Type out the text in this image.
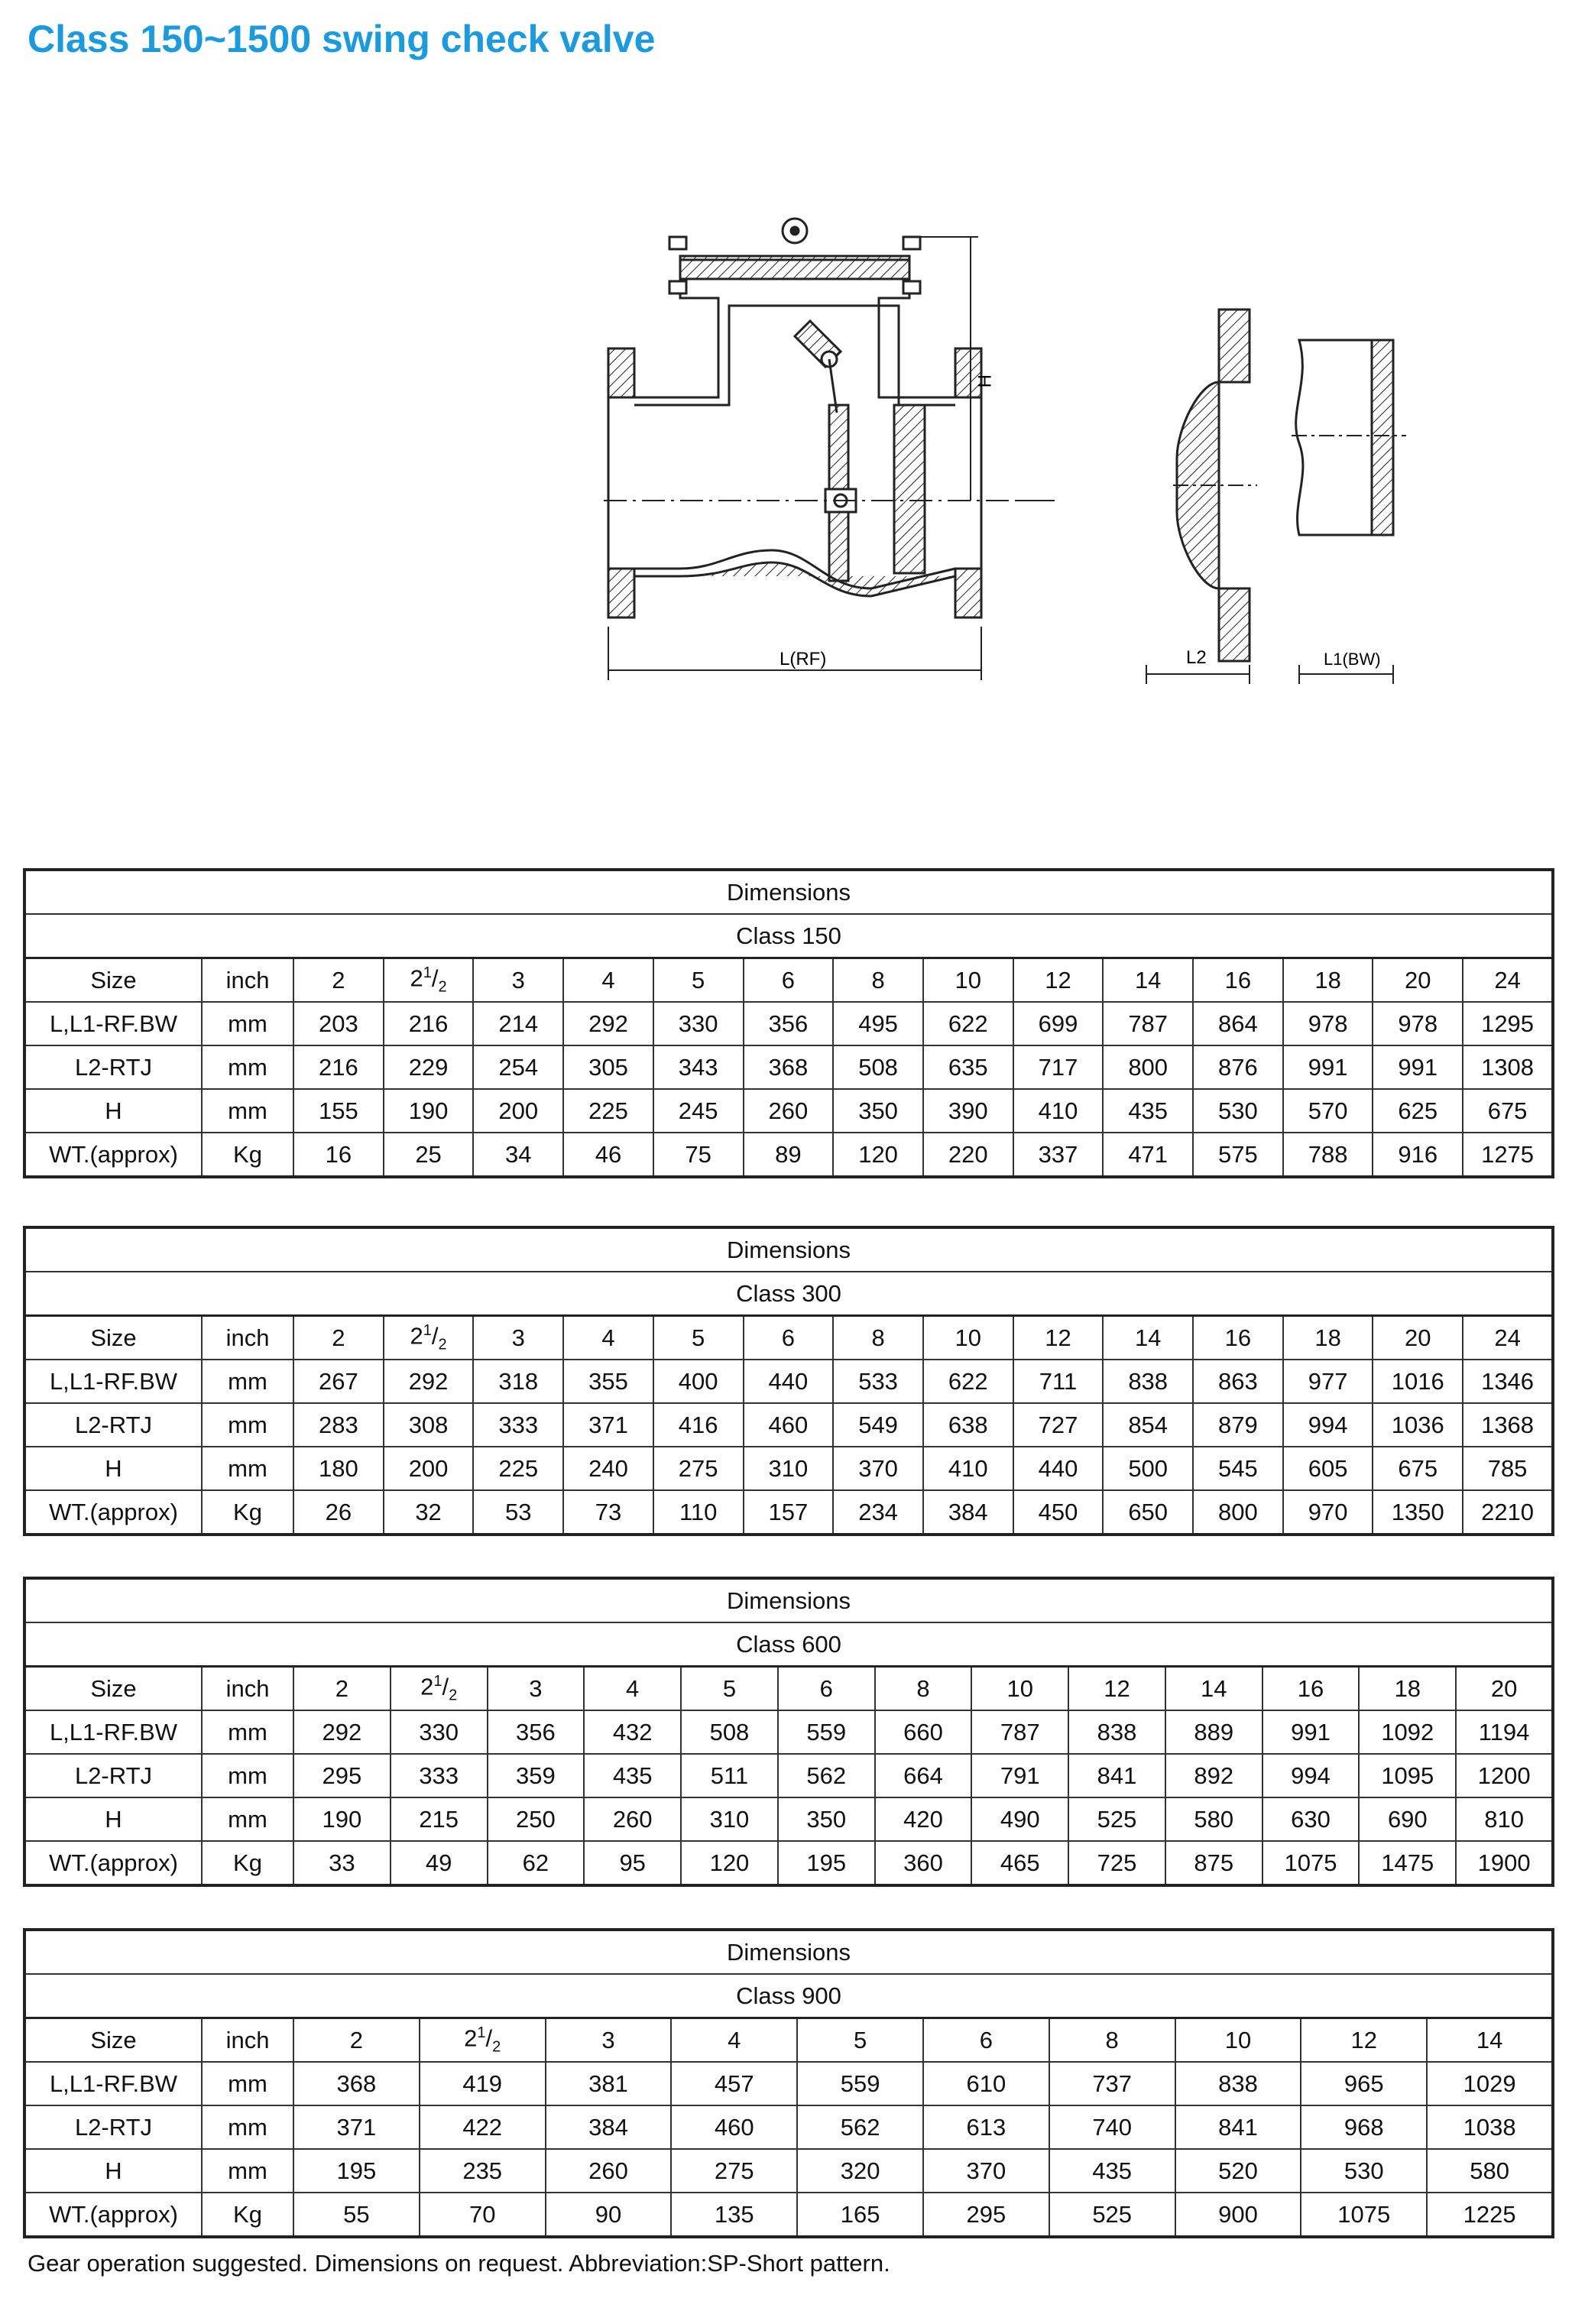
Class 150~1500 swing check valve
H
L(RF)	L2	L1(BW)
Dimensions															
Class 150															
Size	inch	2	$2^1/_2$	3	4	5	6	8	10	12	14	16	18	20	24
L,L1-RF.BW	mm	203	216	214	292	330	356	495	622	699	787	864	978	978	1295
L2-RTJ	mm	216	229	254	305	343	368	508	635	717	800	876	991	991	1308
H	mm	155	190	200	225	245	260	350	390	410	435	530	570	625	675
WT.(approx)	Kg	16	25	34	46	75	89	120	220	337	471	575	788	916	1275
Dimensions															
Class 300															
Size	inch	2	$2^1/_2$	3	4	5	6	8	10	12	14	16	18	20	24
L,L1-RF.BW	mm	267	292	318	355	400	440	533	622	711	838	863	977	1016	1346
L2-RTJ	mm	283	308	333	371	416	460	549	638	727	854	879	994	1036	1368
H	mm	180	200	225	240	275	310	370	410	440	500	545	605	675	785
WT.(approx)	Kg	26	32	53	73	110	157	234	384	450	650	800	970	1350	2210
Dimensions														
Class 600														
Size	inch	2	$2^1/_2$	3	4	5	6	8	10	12	14	16	18	20
L,L1-RF.BW	mm	292	330	356	432	508	559	660	787	838	889	991	1092	1194
L2-RTJ	mm	295	333	359	435	511	562	664	791	841	892	994	1095	1200
H	mm	190	215	250	260	310	350	420	490	525	580	630	690	810
WT.(approx)	Kg	33	49	62	95	120	195	360	465	725	875	1075	1475	1900
Dimensions											
Class 900											
Size	inch	2	$2^1/_2$	3	4	5	6	8	10	12	14
L,L1-RF.BW	mm	368	419	381	457	559	610	737	838	965	1029
L2-RTJ	mm	371	422	384	460	562	613	740	841	968	1038
H	mm	195	235	260	275	320	370	435	520	530	580
WT.(approx)	Kg	55	70	90	135	165	295	525	900	1075	1225
Gear operation suggested. Dimensions on request. Abbreviation:SP-Short pattern.
